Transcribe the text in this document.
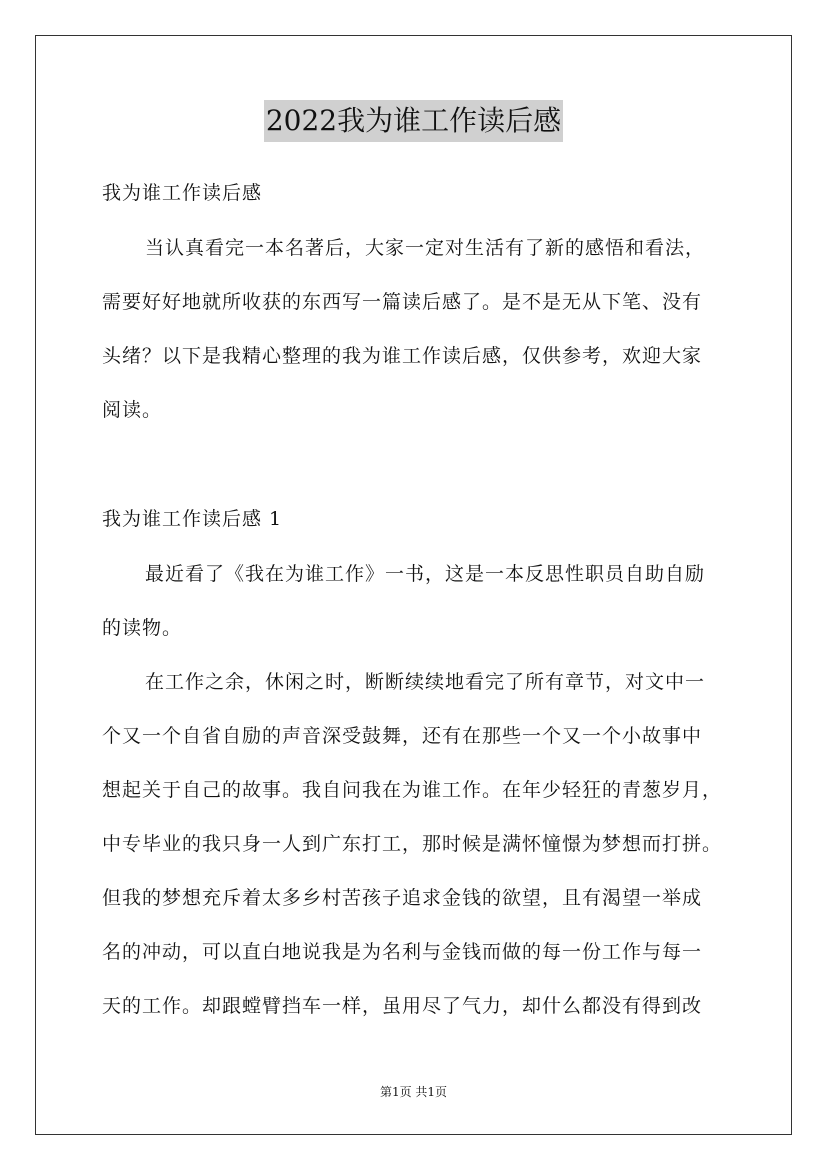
2022我为谁工作读后感
我为谁工作读后感
当认真看完一本名著后，大家一定对生活有了新的感悟和看法，
需要好好地就所收获的东西写一篇读后感了。是不是无从下笔、没有
头绪？以下是我精心整理的我为谁工作读后感，仅供参考，欢迎大家
阅读。
我为谁工作读后感 1
最近看了《我在为谁工作》一书，这是一本反思性职员自助自励
的读物。
在工作之余，休闲之时，断断续续地看完了所有章节，对文中一
个又一个自省自励的声音深受鼓舞，还有在那些一个又一个小故事中
想起关于自己的故事。我自问我在为谁工作。在年少轻狂的青葱岁月，
中专毕业的我只身一人到广东打工，那时候是满怀憧憬为梦想而打拼。
但我的梦想充斥着太多乡村苦孩子追求金钱的欲望，且有渴望一举成
名的冲动，可以直白地说我是为名利与金钱而做的每一份工作与每一
天的工作。却跟螳臂挡车一样，虽用尽了气力，却什么都没有得到改
第1页 共1页
